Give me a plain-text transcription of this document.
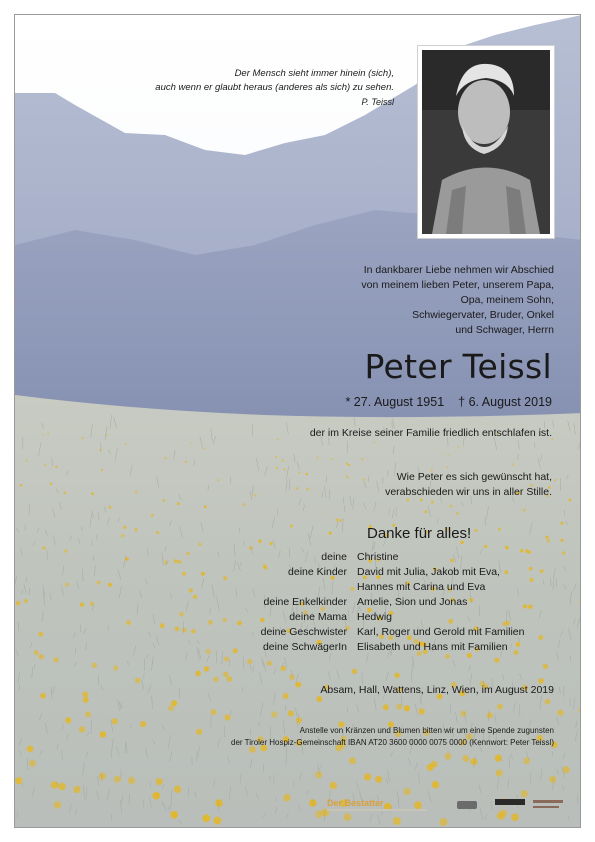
Der Mensch sieht immer hinein (sich),
auch wenn er glaubt heraus (anderes als sich) zu sehen.
P. Teissl
In dankbarer Liebe nehmen wir Abschied
von meinem lieben Peter, unserem Papa,
Opa, meinem Sohn,
Schwiegervater, Bruder, Onkel
und Schwager, Herrn
Peter Teissl
* 27. August 1951 † 6. August 2019
der im Kreise seiner Familie friedlich entschlafen ist.
Wie Peter es sich gewünscht hat,
verabschieden wir uns in aller Stille.
Danke für alles!
deine Christine
deine Kinder David mit Julia, Jakob mit Eva,
Hannes mit Carina und Eva
deine Enkelkinder Amelie, Sion und Jonas
deine Mama Hedwig
deine Geschwister Karl, Roger und Gerold mit Familien
deine SchwägerIn Elisabeth und Hans mit Familien
Absam, Hall, Wattens, Linz, Wien, im August 2019
Anstelle von Kränzen und Blumen bitten wir um eine Spende zugunsten
der Tiroler Hospiz-Gemeinschaft IBAN AT20 3600 0000 0075 0000 (Kennwort: Peter Teissl)
Der Bestatter
